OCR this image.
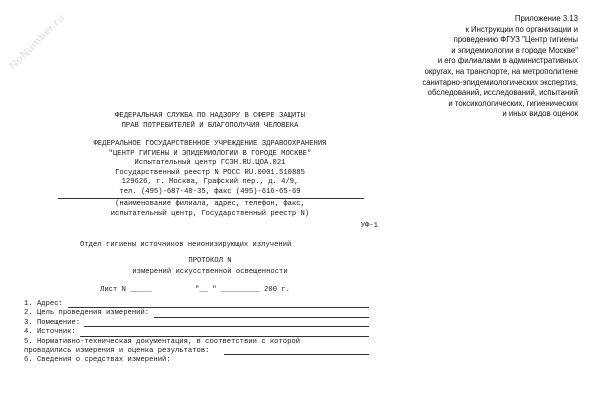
NoNumber.ru	Приложение 3.13
к Инструкции по организации и
проведению ФГУЗ "Центр гигиены
и эпидемиологии в городе Москве"
и его филиалами в административных
округах, на транспорте, на метрополитене
санитарно-эпидемиологических экспертиз,
обследований, исследований, испытаний
и токсикологических, гигиенических
и иных видов оценок
ФЕДЕРАЛЬНАЯ СЛУЖБА ПО НАДЗОРУ В СФЕРЕ ЗАЩИТЫ
ПРАВ ПОТРЕБИТЕЛЕЙ И БЛАГОПОЛУЧИЯ ЧЕЛОВЕКА
ФЕДЕРАЛЬНОЕ ГОСУДАРСТВЕННОЕ УЧРЕЖДЕНИЕ ЗДРАВООХРАНЕНИЯ
"ЦЕНТР ГИГИЕНЫ И ЭПИДЕМИОЛОГИИ В ГОРОДЕ МОСКВЕ"
Испытательный центр ГСЭН.RU.ЦОА.021
Государственный реестр N РОСС RU.0001.510885
129626, г. Москва, Графский пер., д. 4/9,
тел. (495)-687-40-35, факс (495)-616-65-69
(наименование филиала, адрес, телефон, факс,
испытательный центр, Государственный реестр N)
УФ-1
Отдел гигиены источников неионизирующих излучений
ПРОТОКОЛ N
измерений искусственной освещенности
Лист N _____	"__ " _________ 200 г.
1. Адрес:
2. Цель проведения измерений:
3. Помещение:
4. Источник:
5. Нормативно-техническая документация, в соответствии с которой
проводились измерения и оценка результатов:
6. Сведения о средствах измерений:
